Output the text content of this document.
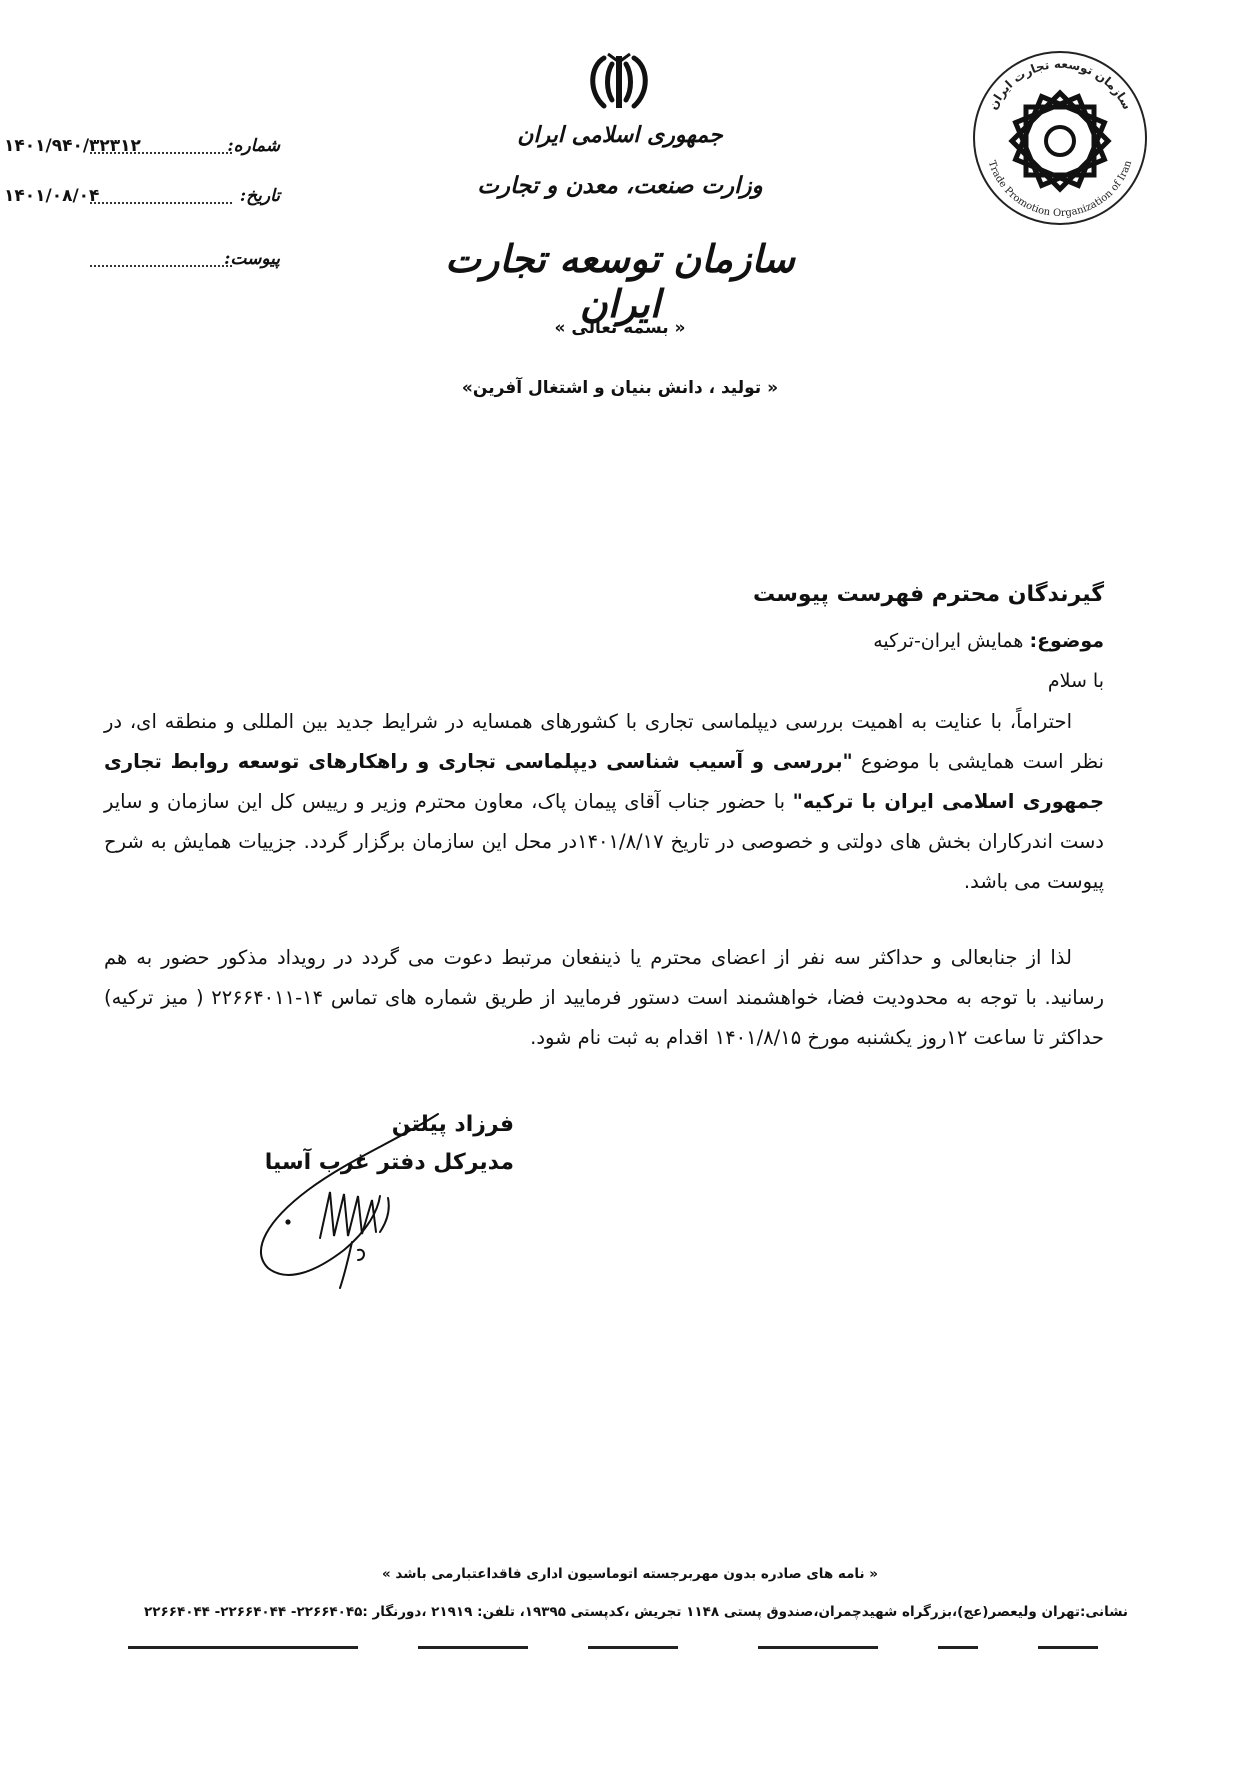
جمهوری اسلامی ایران
وزارت صنعت، معدن و تجارت
سازمان توسعه تجارت ایران
« بسمه تعالی »
« تولید ، دانش بنیان و اشتغال آفرین»
شماره:
۱۴۰۱/۹۴۰/۳۲۳۱۲
تاریخ:
۱۴۰۱/۰۸/۰۴
پیوست:
سازمان توسعه تجارت ایران
Trade Promotion Organization of Iran
گیرندگان محترم فهرست پیوست
موضوع: همایش ایران-ترکیه
با سلام
احتراماً، با عنایت به اهمیت بررسی دیپلماسی تجاری با کشورهای همسایه در شرایط جدید بین المللی و منطقه ای، در نظر است همایشی با موضوع "بررسی و آسیب شناسی دیپلماسی تجاری و راهکارهای توسعه روابط تجاری جمهوری اسلامی ایران با ترکیه" با حضور جناب آقای پیمان پاک، معاون محترم وزیر و رییس کل این سازمان و سایر دست اندرکاران بخش های دولتی و خصوصی در تاریخ ۱۴۰۱/۸/۱۷در محل این سازمان برگزار گردد. جزییات همایش به شرح پیوست می باشد.
لذا از جنابعالی و حداکثر سه نفر از اعضای محترم یا ذینفعان مرتبط دعوت می گردد در رویداد مذکور حضور به هم رسانید. با توجه به محدودیت فضا، خواهشمند است دستور فرمایید از طریق شماره های تماس ۱۴-۲۲۶۶۴۰۱۱ ( میز ترکیه) حداکثر تا ساعت ۱۲روز یکشنبه مورخ ۱۴۰۱/۸/۱۵ اقدام به ثبت نام شود.
فرزاد پیلتن
مدیرکل دفتر غرب آسیا
« نامه های صادره بدون مهربرجسته اتوماسیون اداری فاقداعتبارمی باشد »
نشانی:تهران ولیعصر(عج)،بزرگراه شهیدچمران،صندوق پستی ۱۱۴۸ تجریش ،کدپستی ۱۹۳۹۵، تلفن: ۲۱۹۱۹ ،دورنگار :۲۲۶۶۴۰۴۵- ۲۲۶۶۴۰۴۴- ۲۲۶۶۴۰۴۴
